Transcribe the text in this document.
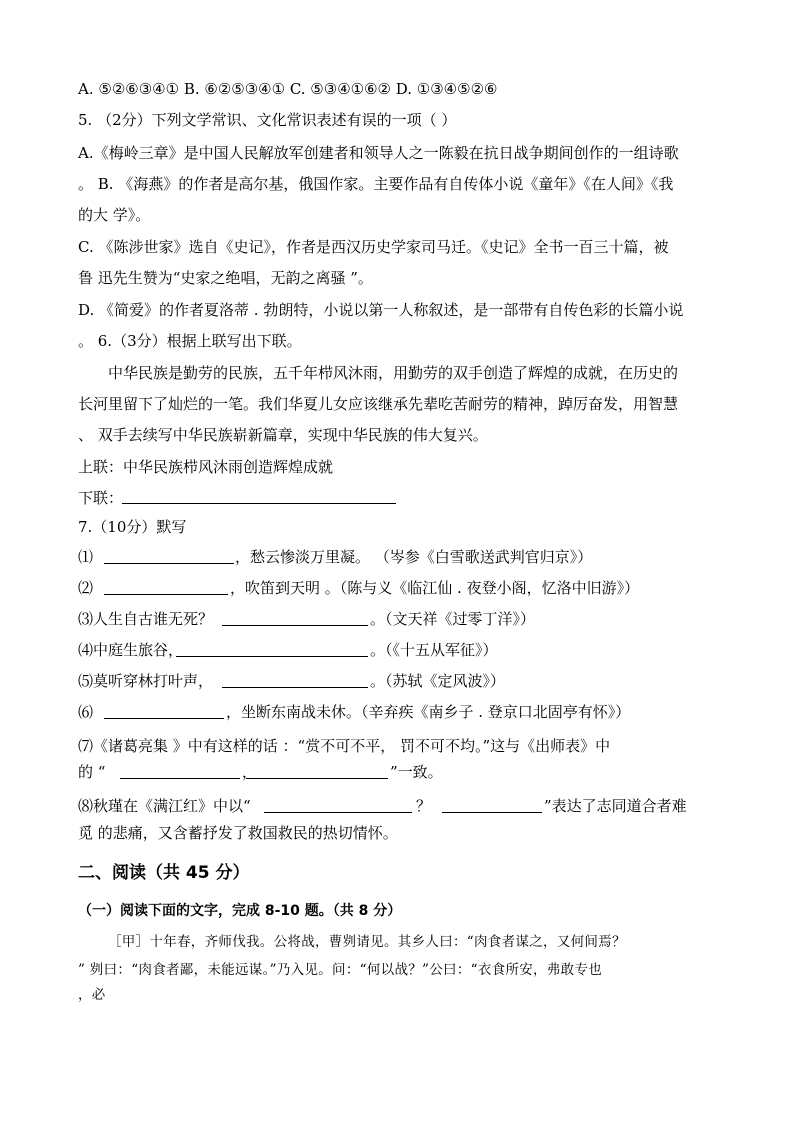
A. ⑤②⑥③④① B. ⑥②⑤③④① C. ⑤③④①⑥② D. ①③④⑤②⑥
5. （2分）下列文学常识、文化常识表述有误的一项（ ）
A.《梅岭三章》是中国人民解放军创建者和领导人之一陈毅在抗日战争期间创作的一组诗歌
。 B. 《海燕》的作者是高尔基，俄国作家。主要作品有自传体小说《童年》《在人间》《我
的大 学》。
C. 《陈涉世家》选自《史记》，作者是西汉历史学家司马迁。《史记》全书一百三十篇，被
鲁 迅先生赞为“史家之绝唱，无韵之离骚 ”。
D. 《简爱》的作者夏洛蒂 . 勃朗特，小说以第一人称叙述，是一部带有自传色彩的长篇小说
。 6.（3分）根据上联写出下联。
中华民族是勤劳的民族，五千年栉风沐雨，用勤劳的双手创造了辉煌的成就，在历史的
长河里留下了灿烂的一笔。我们华夏儿女应该继承先辈吃苦耐劳的精神，踔厉奋发，用智慧
、 双手去续写中华民族崭新篇章，实现中华民族的伟大复兴。
上联：中华民族栉风沐雨创造辉煌成就
下联：
7.（10分）默写
⑴	，愁云惨淡万里凝。 （岑参《白雪歌送武判官归京》）
⑵	，吹笛到天明 。（陈与义《临江仙 . 夜登小阁，忆洛中旧游》）
⑶人生自古谁无死？	。（文天祥《过零丁洋》）
⑷中庭生旅谷，	。（《十五从军征》）
⑸莫听穿林打叶声，	。（苏轼《定风波》）
⑹	，坐断东南战未休。（辛弃疾《南乡子 . 登京口北固亭有怀》）
⑺《诸葛亮集 》中有这样的话 ：“赏不可不平， 罚不可不均。”这与《出师表》中
的 “	，	”一致。
⑻秋瑾在《满江红》中以“	？	”表达了志同道合者难
觅 的悲痛，又含蓄抒发了救国救民的热切情怀。
二、阅读（共 45 分）
（一）阅读下面的文字，完成 8-10 题。（共 8 分）
［甲］十年春，齐师伐我。公将战，曹刿请见。其乡人曰：“肉食者谋之，又何间焉？
” 刿曰：“肉食者鄙，未能远谋。”乃入见。问：“何以战？”公曰：“衣食所安，弗敢专也
，必
